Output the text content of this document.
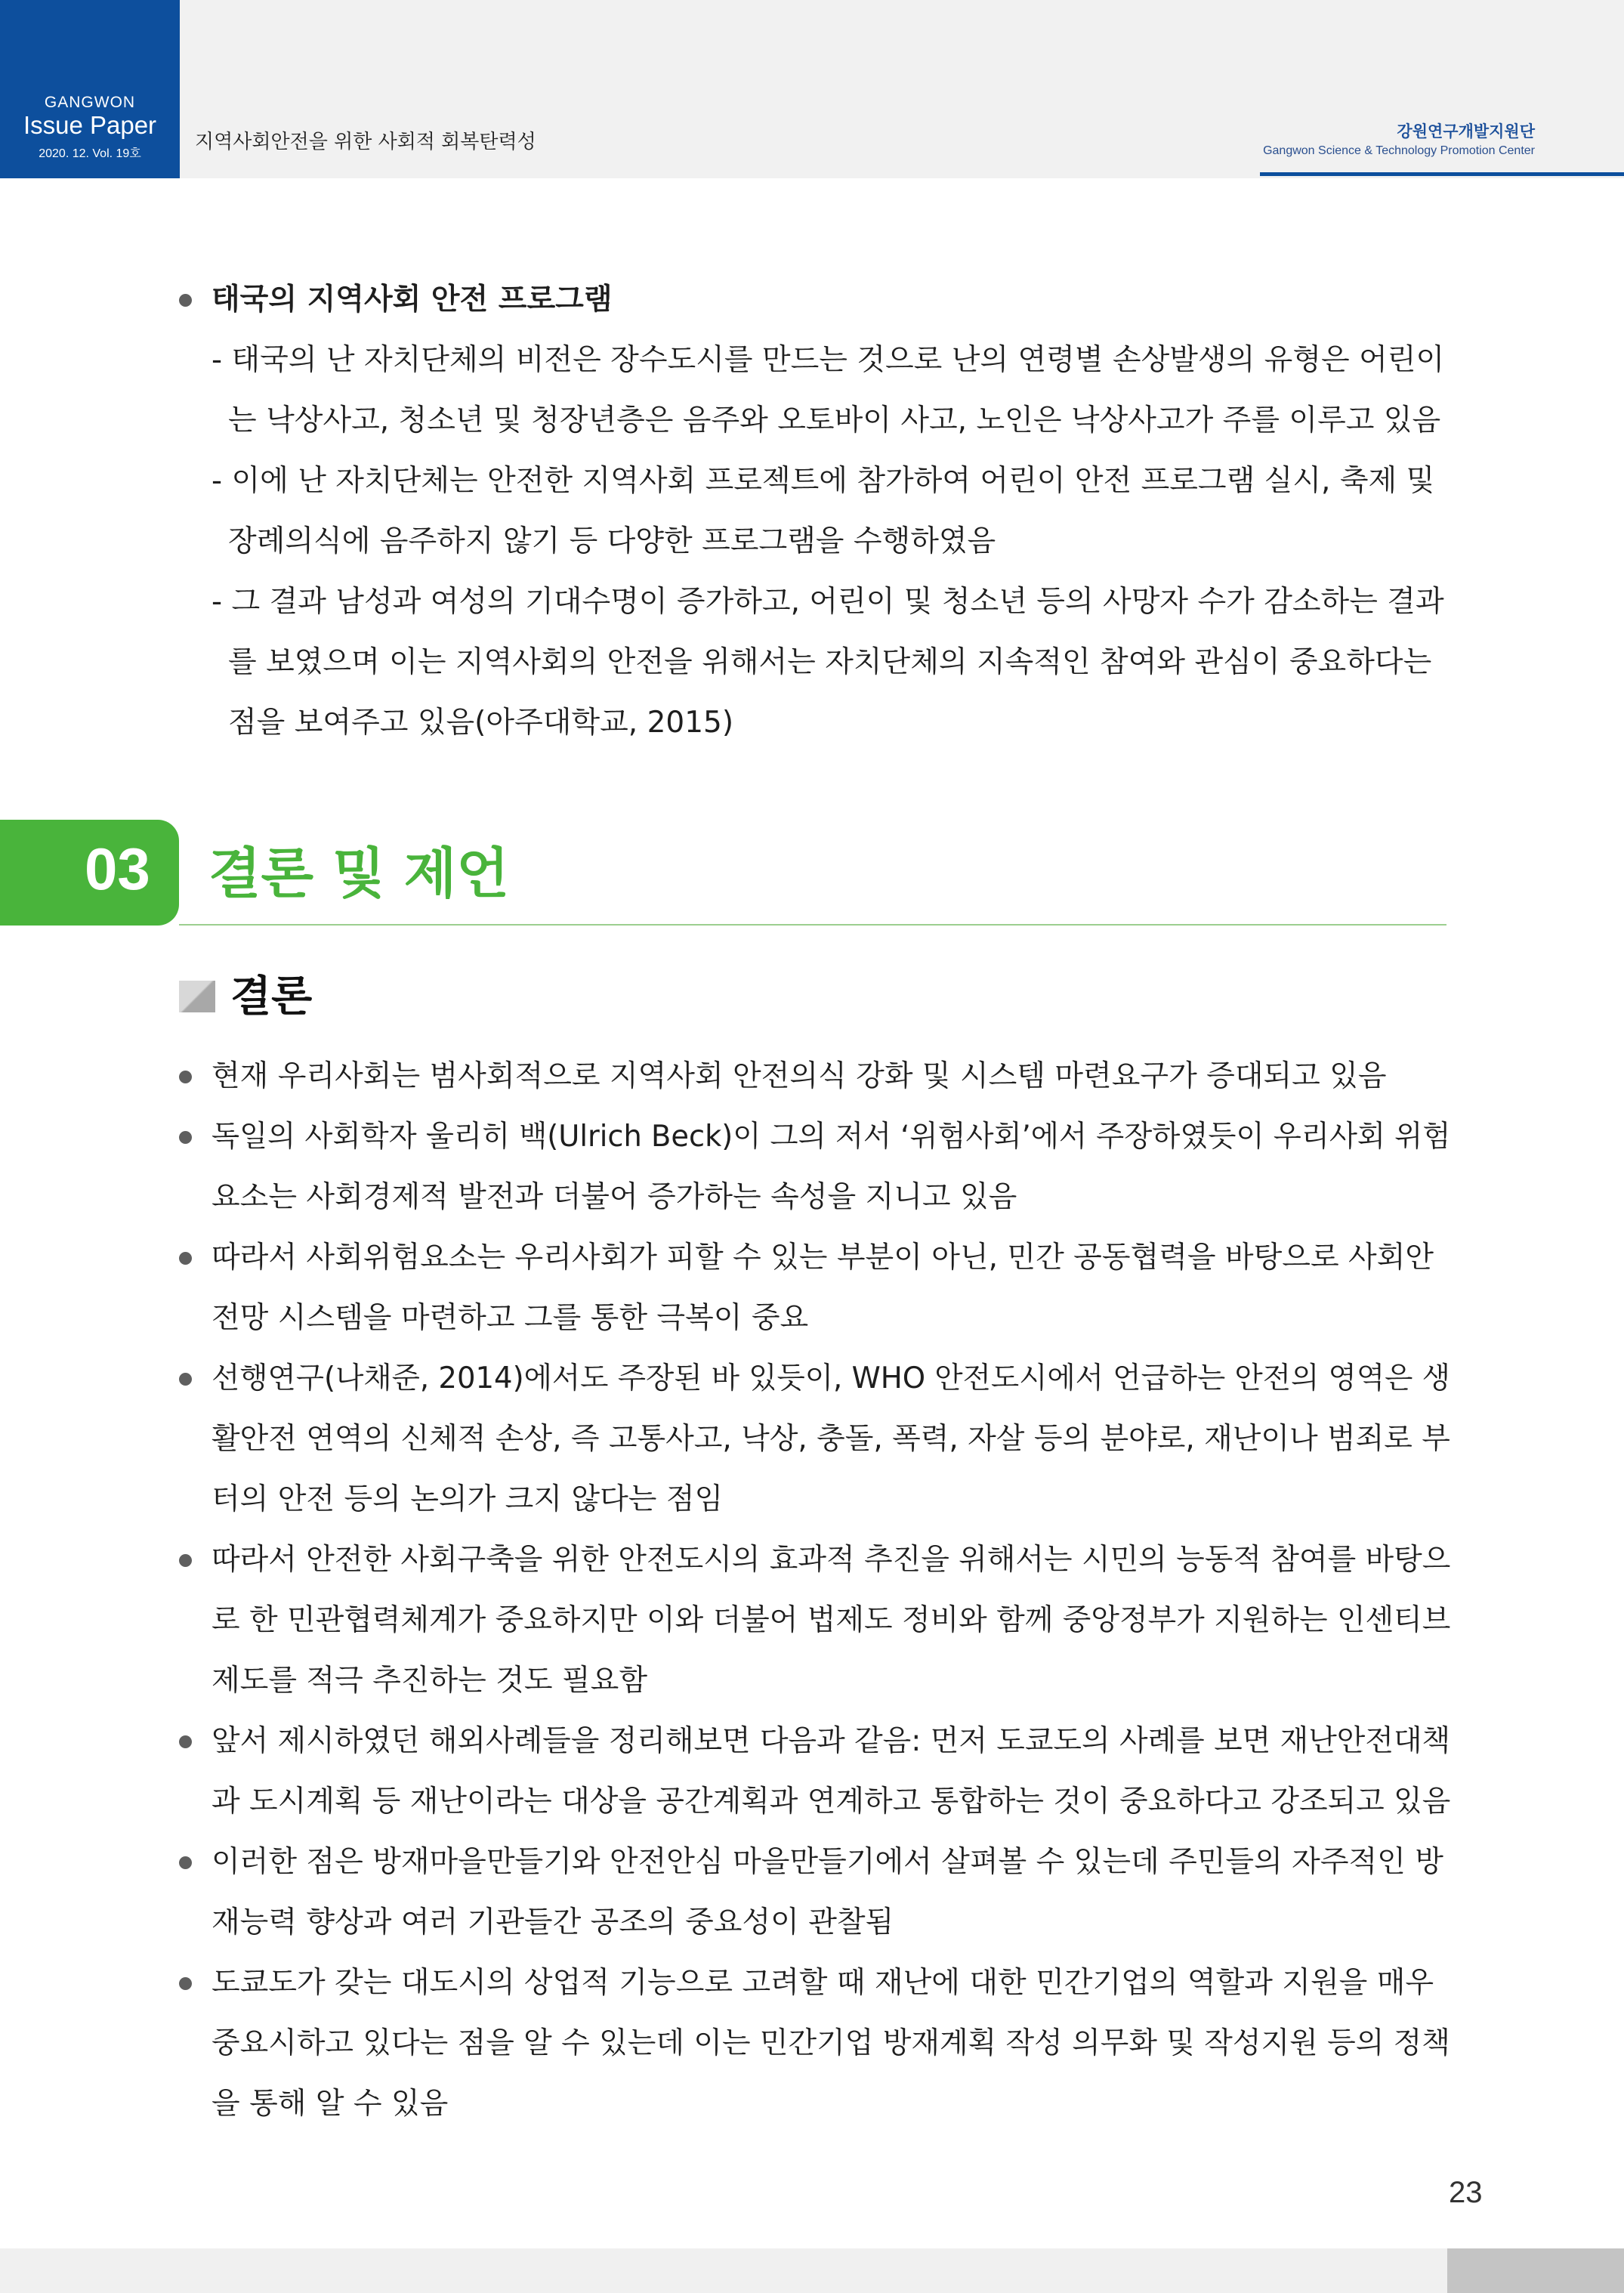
GANGWON
Issue Paper
2020. 12. Vol. 19호
지역사회안전을 위한 사회적 회복탄력성	강원연구개발지원단
Gangwon Science & Technology Promotion Center
태국의 지역사회 안전 프로그램
- 태국의 난 자치단체의 비전은 장수도시를 만드는 것으로 난의 연령별 손상발생의 유형은 어린이
는 낙상사고, 청소년 및 청장년층은 음주와 오토바이 사고, 노인은 낙상사고가 주를 이루고 있음
- 이에 난 자치단체는 안전한 지역사회 프로젝트에 참가하여 어린이 안전 프로그램 실시, 축제 및
장례의식에 음주하지 않기 등 다양한 프로그램을 수행하였음
- 그 결과 남성과 여성의 기대수명이 증가하고, 어린이 및 청소년 등의 사망자 수가 감소하는 결과
를 보였으며 이는 지역사회의 안전을 위해서는 자치단체의 지속적인 참여와 관심이 중요하다는
점을 보여주고 있음(아주대학교, 2015)
03 결론 및 제언
결론
현재 우리사회는 범사회적으로 지역사회 안전의식 강화 및 시스템 마련요구가 증대되고 있음
독일의 사회학자 울리히 백(Ulrich Beck)이 그의 저서 ‘위험사회’에서 주장하였듯이 우리사회 위험
요소는 사회경제적 발전과 더불어 증가하는 속성을 지니고 있음
따라서 사회위험요소는 우리사회가 피할 수 있는 부분이 아닌, 민간 공동협력을 바탕으로 사회안
전망 시스템을 마련하고 그를 통한 극복이 중요
선행연구(나채준, 2014)에서도 주장된 바 있듯이, WHO 안전도시에서 언급하는 안전의 영역은 생
활안전 연역의 신체적 손상, 즉 고통사고, 낙상, 충돌, 폭력, 자살 등의 분야로, 재난이나 범죄로 부
터의 안전 등의 논의가 크지 않다는 점임
따라서 안전한 사회구축을 위한 안전도시의 효과적 추진을 위해서는 시민의 능동적 참여를 바탕으
로 한 민관협력체계가 중요하지만 이와 더불어 법제도 정비와 함께 중앙정부가 지원하는 인센티브
제도를 적극 추진하는 것도 필요함
앞서 제시하였던 해외사례들을 정리해보면 다음과 같음: 먼저 도쿄도의 사례를 보면 재난안전대책
과 도시계획 등 재난이라는 대상을 공간계획과 연계하고 통합하는 것이 중요하다고 강조되고 있음
이러한 점은 방재마을만들기와 안전안심 마을만들기에서 살펴볼 수 있는데 주민들의 자주적인 방
재능력 향상과 여러 기관들간 공조의 중요성이 관찰됨
도쿄도가 갖는 대도시의 상업적 기능으로 고려할 때 재난에 대한 민간기업의 역할과 지원을 매우
중요시하고 있다는 점을 알 수 있는데 이는 민간기업 방재계획 작성 의무화 및 작성지원 등의 정책
을 통해 알 수 있음
23
